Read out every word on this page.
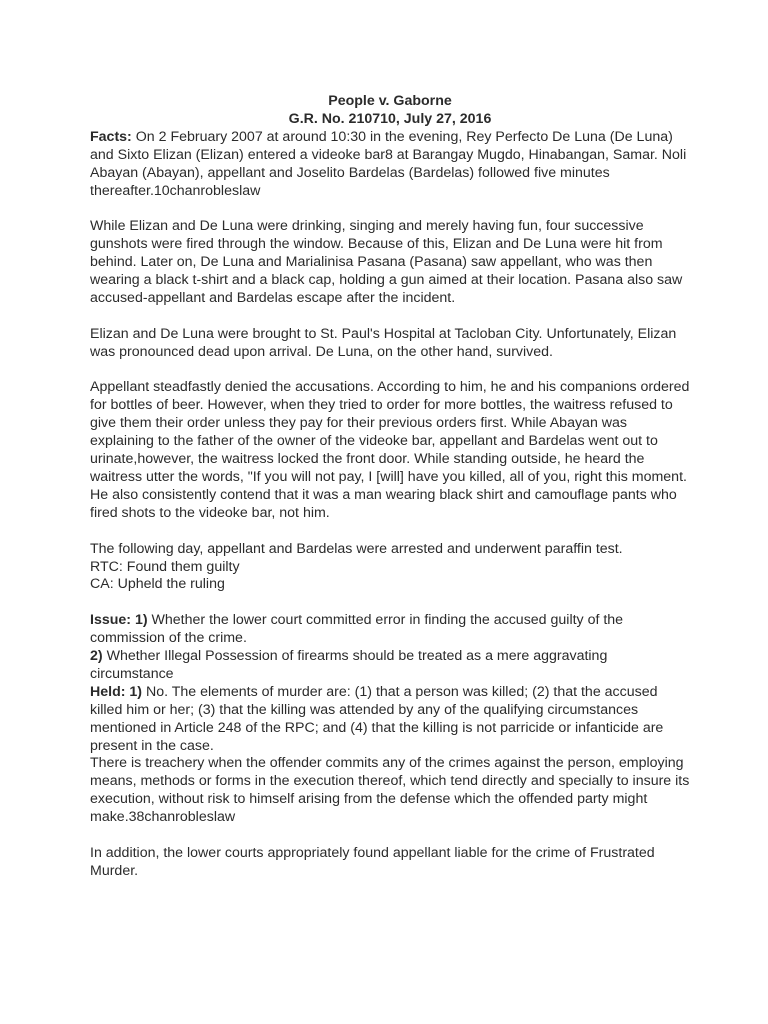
People v. Gaborne
G.R. No. 210710, July 27, 2016

Facts: On 2 February 2007 at around 10:30 in the evening, Rey Perfecto De Luna (De Luna) and Sixto Elizan (Elizan) entered a videoke bar8 at Barangay Mugdo, Hinabangan, Samar. Noli Abayan (Abayan), appellant and Joselito Bardelas (Bardelas) followed five minutes thereafter.10chanrobleslaw

While Elizan and De Luna were drinking, singing and merely having fun, four successive gunshots were fired through the window. Because of this, Elizan and De Luna were hit from behind. Later on, De Luna and Marialinisa Pasana (Pasana) saw appellant, who was then wearing a black t-shirt and a black cap, holding a gun aimed at their location. Pasana also saw accused-appellant and Bardelas escape after the incident.

Elizan and De Luna were brought to St. Paul's Hospital at Tacloban City. Unfortunately, Elizan was pronounced dead upon arrival. De Luna, on the other hand, survived.

Appellant steadfastly denied the accusations. According to him, he and his companions ordered for bottles of beer. However, when they tried to order for more bottles, the waitress refused to give them their order unless they pay for their previous orders first. While Abayan was explaining to the father of the owner of the videoke bar, appellant and Bardelas went out to urinate,however, the waitress locked the front door. While standing outside, he heard the waitress utter the words, "If you will not pay, I [will] have you killed, all of you, right this moment. He also consistently contend that it was a man wearing black shirt and camouflage pants who fired shots to the videoke bar, not him.

The following day, appellant and Bardelas were arrested and underwent paraffin test.

RTC: Found them guilty

CA: Upheld the ruling

Issue: 1) Whether the lower court committed error in finding the accused guilty of the commission of the crime.

2) Whether Illegal Possession of firearms should be treated as a mere aggravating circumstance

Held: 1) No. The elements of murder are: (1) that a person was killed; (2) that the accused killed him or her; (3) that the killing was attended by any of the qualifying circumstances mentioned in Article 248 of the RPC; and (4) that the killing is not parricide or infanticide are present in the case.

There is treachery when the offender commits any of the crimes against the person, employing means, methods or forms in the execution thereof, which tend directly and specially to insure its execution, without risk to himself arising from the defense which the offended party might make.38chanrobleslaw

In addition, the lower courts appropriately found appellant liable for the crime of Frustrated Murder.
